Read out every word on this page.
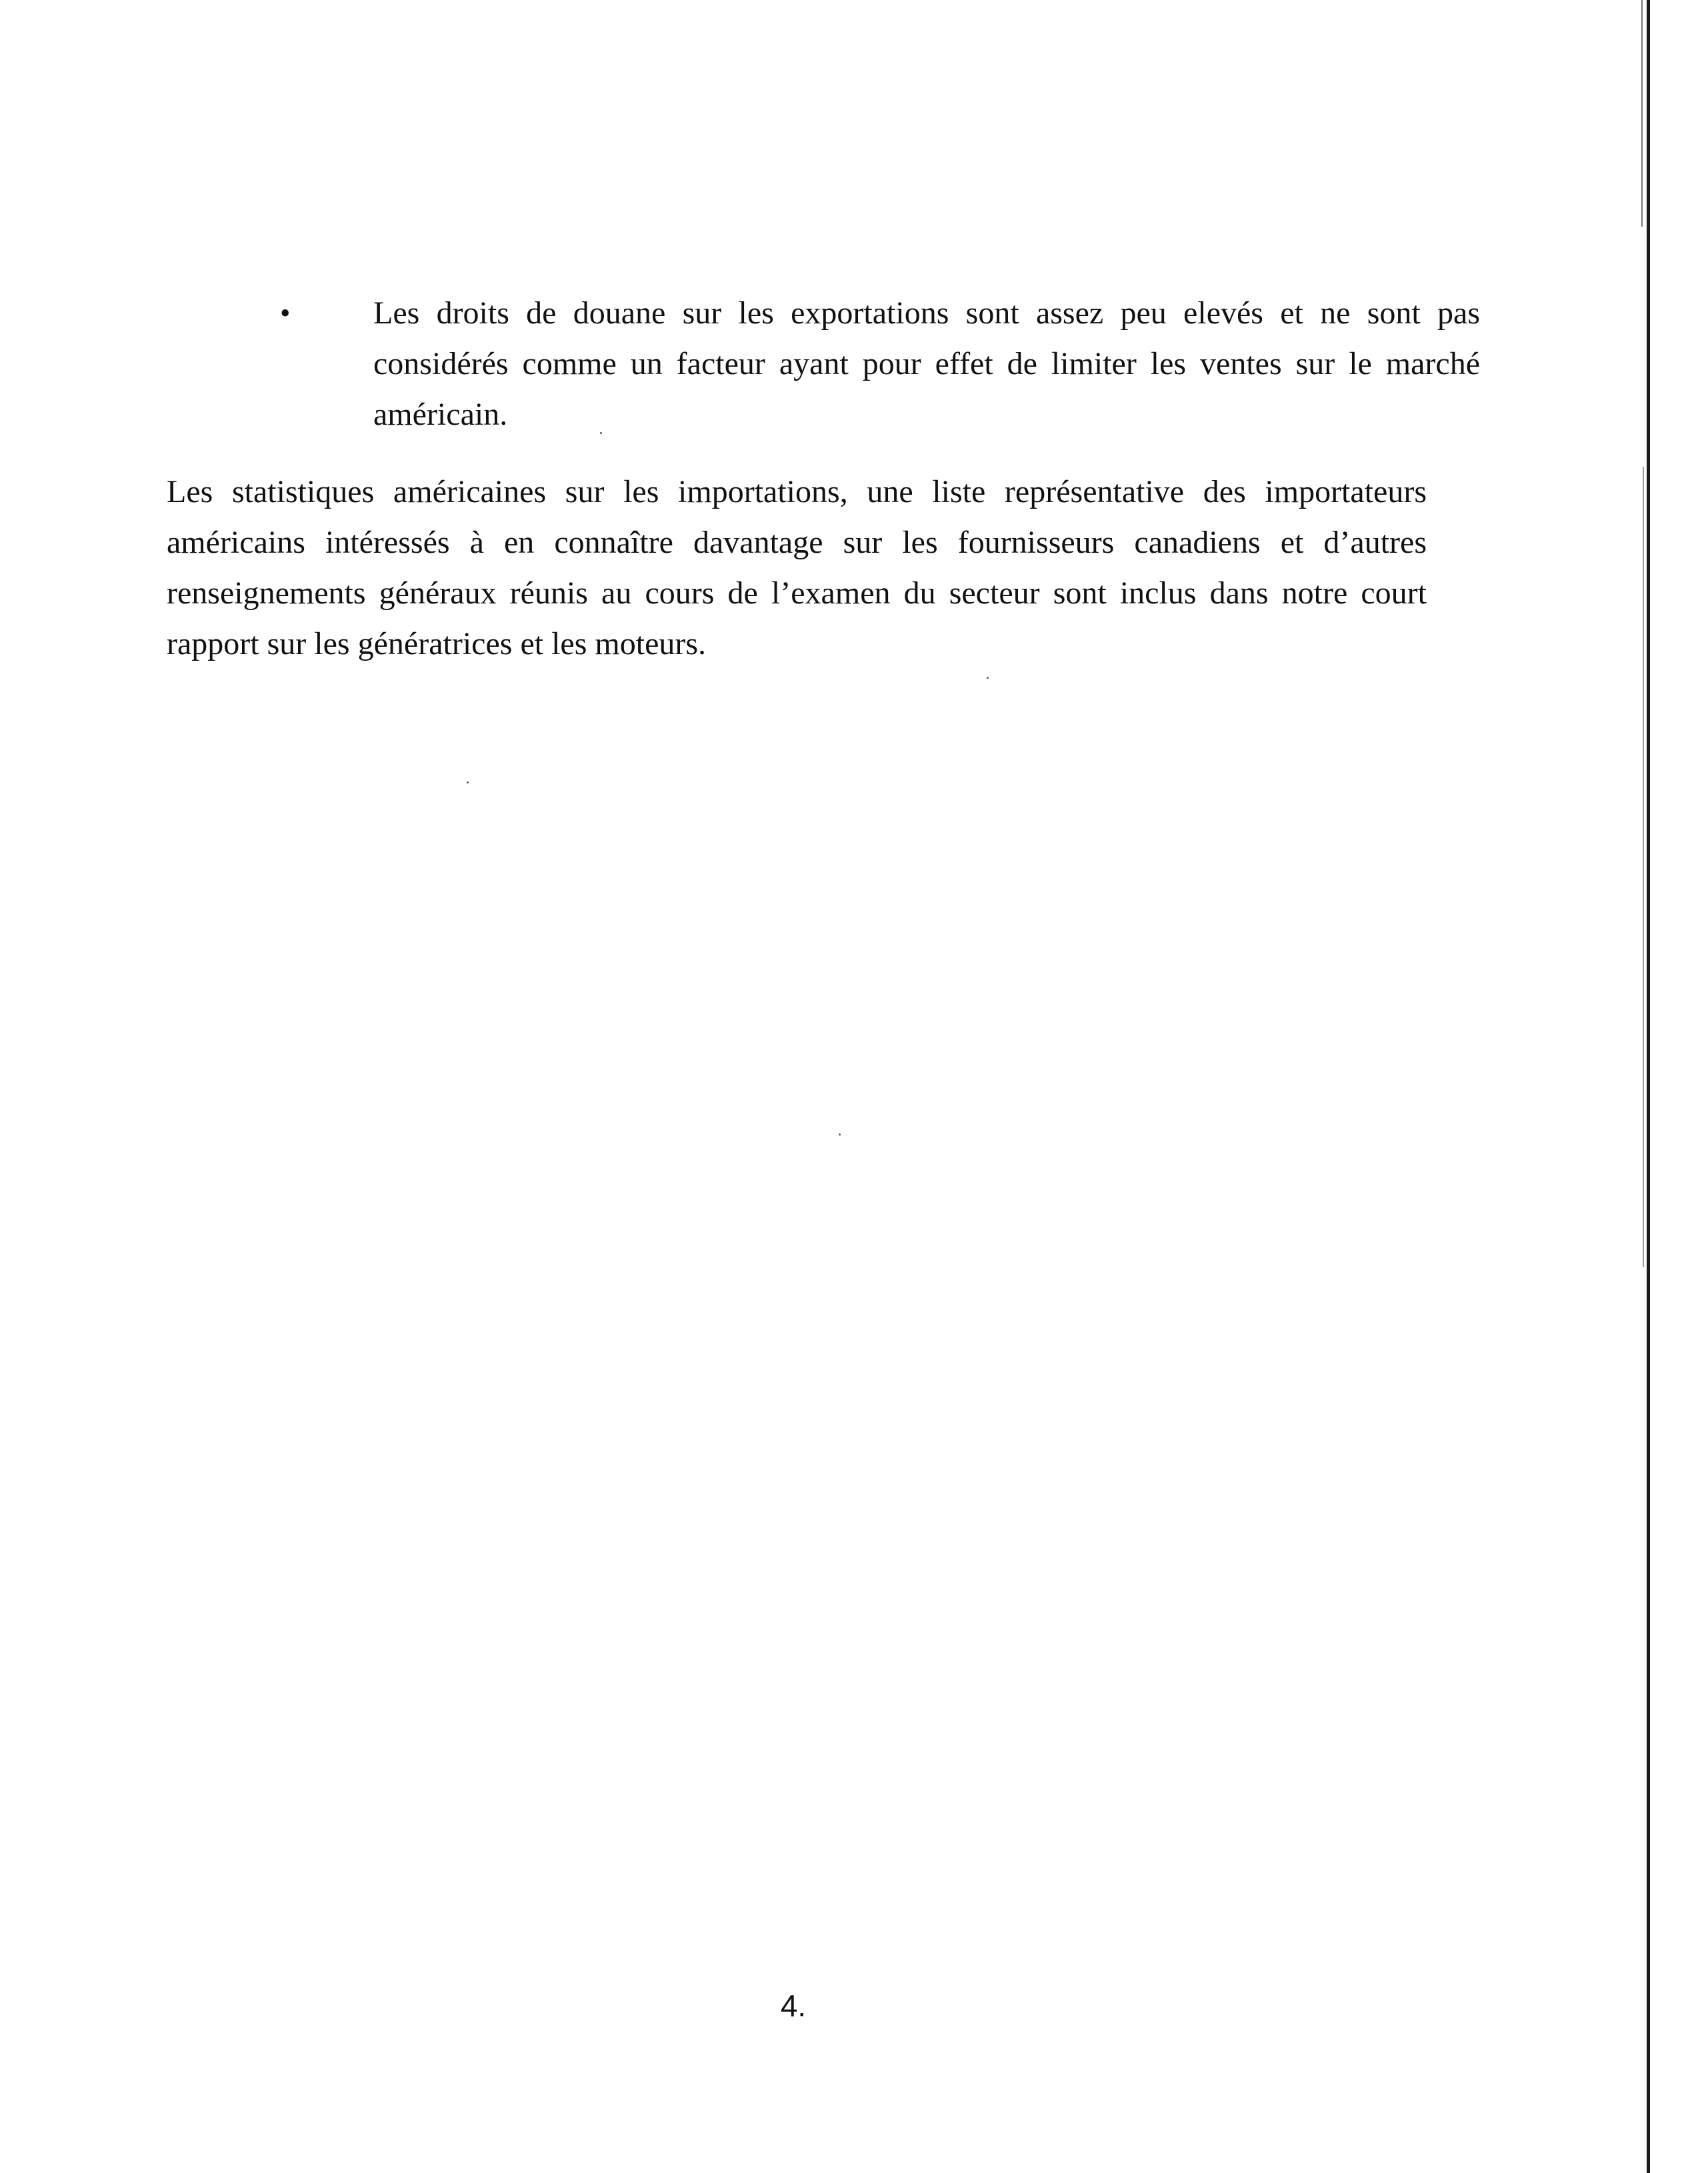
•	Les droits de douane sur les exportations sont assez peu elevés et ne sont pas considérés comme un facteur ayant pour effet de limiter les ventes sur le marché américain.
Les statistiques américaines sur les importations, une liste représentative des importateurs américains intéressés à en connaître davantage sur les fournisseurs canadiens et d’autres renseignements généraux réunis au cours de l’examen du secteur sont inclus dans notre court rapport sur les génératrices et les moteurs.
4.
